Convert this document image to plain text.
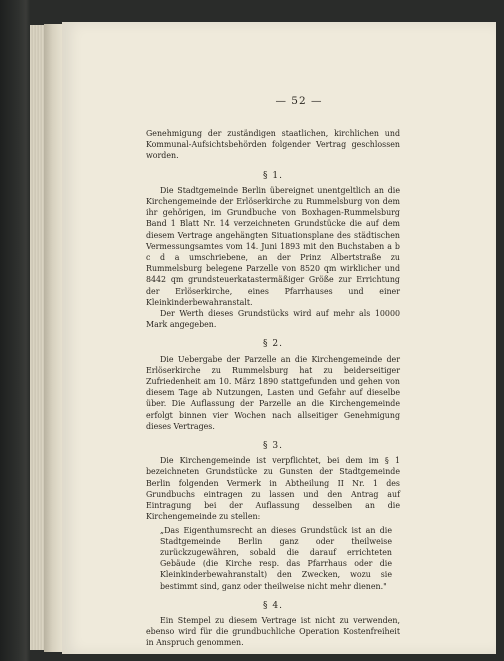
— 52 —

Genehmigung der zuständigen staatlichen, kirchlichen und Kommunal-Aufsichtsbehörden folgender Vertrag geschlossen worden.

§ 1.

Die Stadtgemeinde Berlin übereignet unentgeltlich an die Kirchengemeinde der Erlöserkirche zu Rummelsburg von dem ihr gehörigen, im Grundbuche von Boxhagen-Rummelsburg Band 1 Blatt Nr. 14 verzeichneten Grundstücke die auf dem diesem Vertrage angehängten Situationsplane des städtischen Vermessungsamtes vom 14. Juni 1893 mit den Buchstaben a b c d a umschriebene, an der Prinz Albertstraße zu Rummelsburg belegene Parzelle von 8520 qm wirklicher und 8442 qm grundsteuerkatastermäßiger Größe zur Errichtung der Erlöserkirche, eines Pfarrhauses und einer Kleinkinderbewahranstalt.

Der Werth dieses Grundstücks wird auf mehr als 10000 Mark angegeben.

§ 2.

Die Uebergabe der Parzelle an die Kirchengemeinde der Erlöserkirche zu Rummelsburg hat zu beiderseitiger Zufriedenheit am 10. März 1890 stattgefunden und gehen von diesem Tage ab Nutzungen, Lasten und Gefahr auf dieselbe über. Die Auflassung der Parzelle an die Kirchengemeinde erfolgt binnen vier Wochen nach allseitiger Genehmigung dieses Vertrages.

§ 3.

Die Kirchengemeinde ist verpflichtet, bei dem im § 1 bezeichneten Grundstücke zu Gunsten der Stadtgemeinde Berlin folgenden Vermerk in Abtheilung II Nr. 1 des Grundbuchs eintragen zu lassen und den Antrag auf Eintragung bei der Auflassung desselben an die Kirchengemeinde zu stellen:

„Das Eigenthumsrecht an dieses Grundstück ist an die Stadtgemeinde Berlin ganz oder theilweise zurückzugewähren, sobald die darauf errichteten Gebäude (die Kirche resp. das Pfarrhaus oder die Kleinkinderbewahranstalt) den Zwecken, wozu sie bestimmt sind, ganz oder theilweise nicht mehr dienen."

§ 4.

Ein Stempel zu diesem Vertrage ist nicht zu verwenden, ebenso wird für die grundbuchliche Operation Kostenfreiheit in Anspruch genommen.
